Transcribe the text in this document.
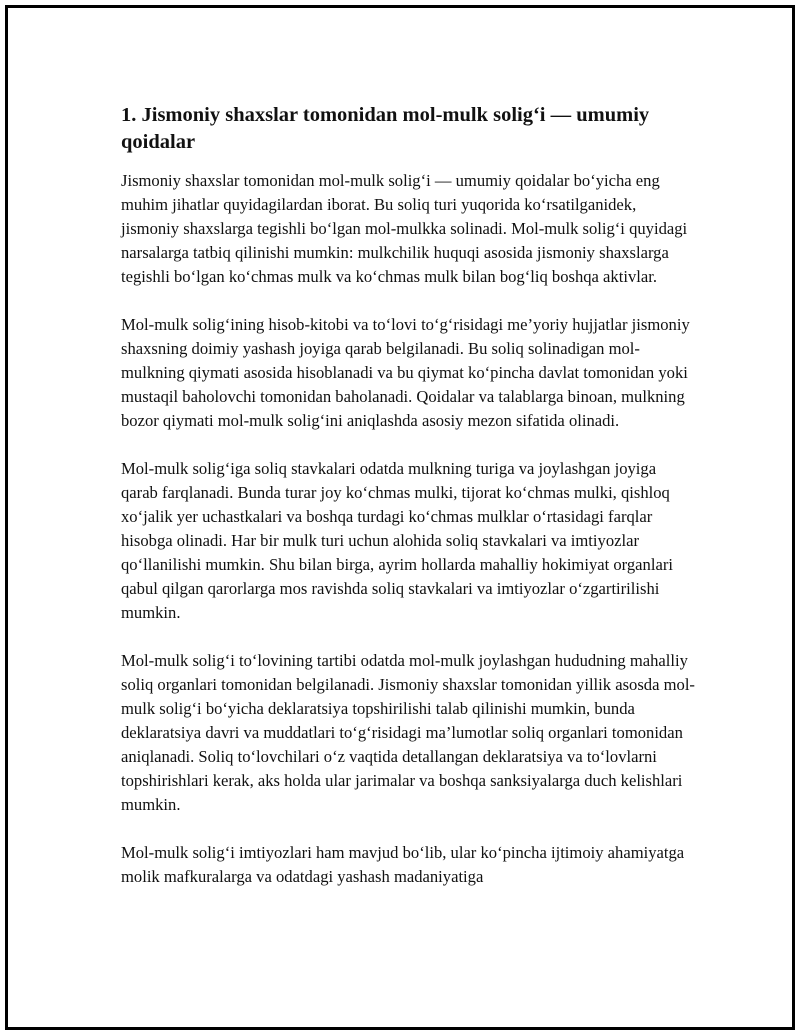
1. Jismoniy shaxslar tomonidan mol-mulk solig‘i — umumiy qoidalar

Jismoniy shaxslar tomonidan mol-mulk solig‘i — umumiy qoidalar bo‘yicha eng muhim jihatlar quyidagilardan iborat. Bu soliq turi yuqorida ko‘rsatilganidek, jismoniy shaxslarga tegishli bo‘lgan mol-mulkka solinadi. Mol-mulk solig‘i quyidagi narsalarga tatbiq qilinishi mumkin: mulkchilik huquqi asosida jismoniy shaxslarga tegishli bo‘lgan ko‘chmas mulk va ko‘chmas mulk bilan bog‘liq boshqa aktivlar.

Mol-mulk solig‘ining hisob-kitobi va to‘lovi to‘g‘risidagi me’yoriy hujjatlar jismoniy shaxsning doimiy yashash joyiga qarab belgilanadi. Bu soliq solinadigan mol-mulkning qiymati asosida hisoblanadi va bu qiymat ko‘pincha davlat tomonidan yoki mustaqil baholovchi tomonidan baholanadi. Qoidalar va talablarga binoan, mulkning bozor qiymati mol-mulk solig‘ini aniqlashda asosiy mezon sifatida olinadi.

Mol-mulk solig‘iga soliq stavkalari odatda mulkning turiga va joylashgan joyiga qarab farqlanadi. Bunda turar joy ko‘chmas mulki, tijorat ko‘chmas mulki, qishloq xo‘jalik yer uchastkalari va boshqa turdagi ko‘chmas mulklar o‘rtasidagi farqlar hisobga olinadi. Har bir mulk turi uchun alohida soliq stavkalari va imtiyozlar qo‘llanilishi mumkin. Shu bilan birga, ayrim hollarda mahalliy hokimiyat organlari qabul qilgan qarorlarga mos ravishda soliq stavkalari va imtiyozlar o‘zgartirilishi mumkin.

Mol-mulk solig‘i to‘lovining tartibi odatda mol-mulk joylashgan hududning mahalliy soliq organlari tomonidan belgilanadi. Jismoniy shaxslar tomonidan yillik asosda mol-mulk solig‘i bo‘yicha deklaratsiya topshirilishi talab qilinishi mumkin, bunda deklaratsiya davri va muddatlari to‘g‘risidagi ma’lumotlar soliq organlari tomonidan aniqlanadi. Soliq to‘lovchilari o‘z vaqtida detallangan deklaratsiya va to‘lovlarni topshirishlari kerak, aks holda ular jarimalar va boshqa sanksiyalarga duch kelishlari mumkin.

Mol-mulk solig‘i imtiyozlari ham mavjud bo‘lib, ular ko‘pincha ijtimoiy ahamiyatga molik mafkuralarga va odatdagi yashash madaniyatiga
